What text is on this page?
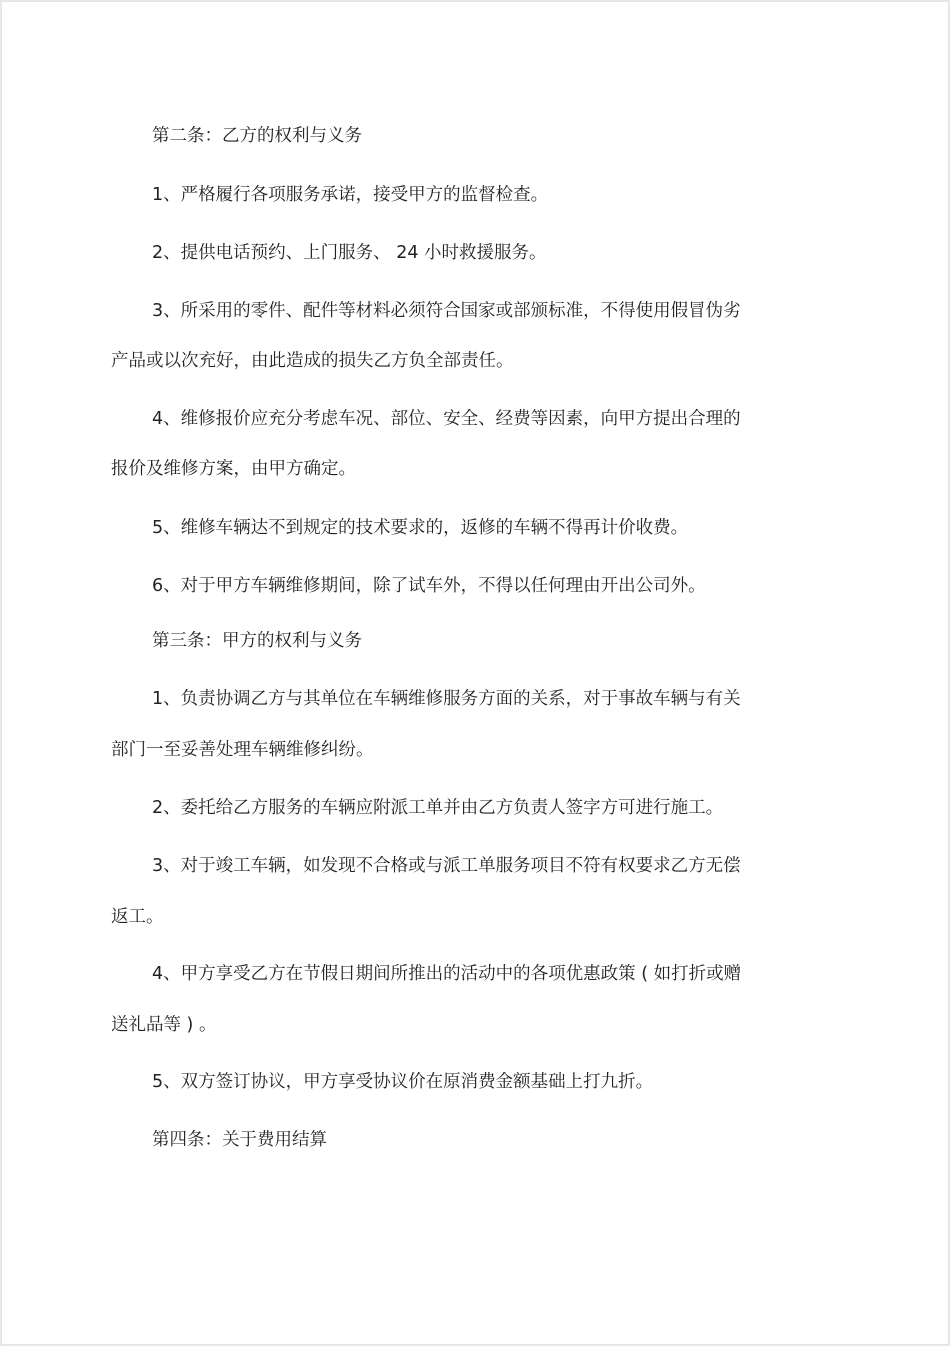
第二条：乙方的权利与义务
1、严格履行各项服务承诺，接受甲方的监督检查。
2、提供电话预约、上门服务、 24 小时救援服务。
3、所采用的零件、配件等材料必须符合国家或部颁标准，不得使用假冒伪劣
产品或以次充好，由此造成的损失乙方负全部责任。
4、维修报价应充分考虑车况、部位、安全、经费等因素，向甲方提出合理的
报价及维修方案，由甲方确定。
5、维修车辆达不到规定的技术要求的，返修的车辆不得再计价收费。
6、对于甲方车辆维修期间，除了试车外，不得以任何理由开出公司外。
第三条：甲方的权利与义务
1、负责协调乙方与其单位在车辆维修服务方面的关系，对于事故车辆与有关
部门一至妥善处理车辆维修纠纷。
2、委托给乙方服务的车辆应附派工单并由乙方负责人签字方可进行施工。
3、对于竣工车辆，如发现不合格或与派工单服务项目不符有权要求乙方无偿
返工。
4、甲方享受乙方在节假日期间所推出的活动中的各项优惠政策 ( 如打折或赠
送礼品等 ) 。
5、双方签订协议，甲方享受协议价在原消费金额基础上打九折。
第四条：关于费用结算
